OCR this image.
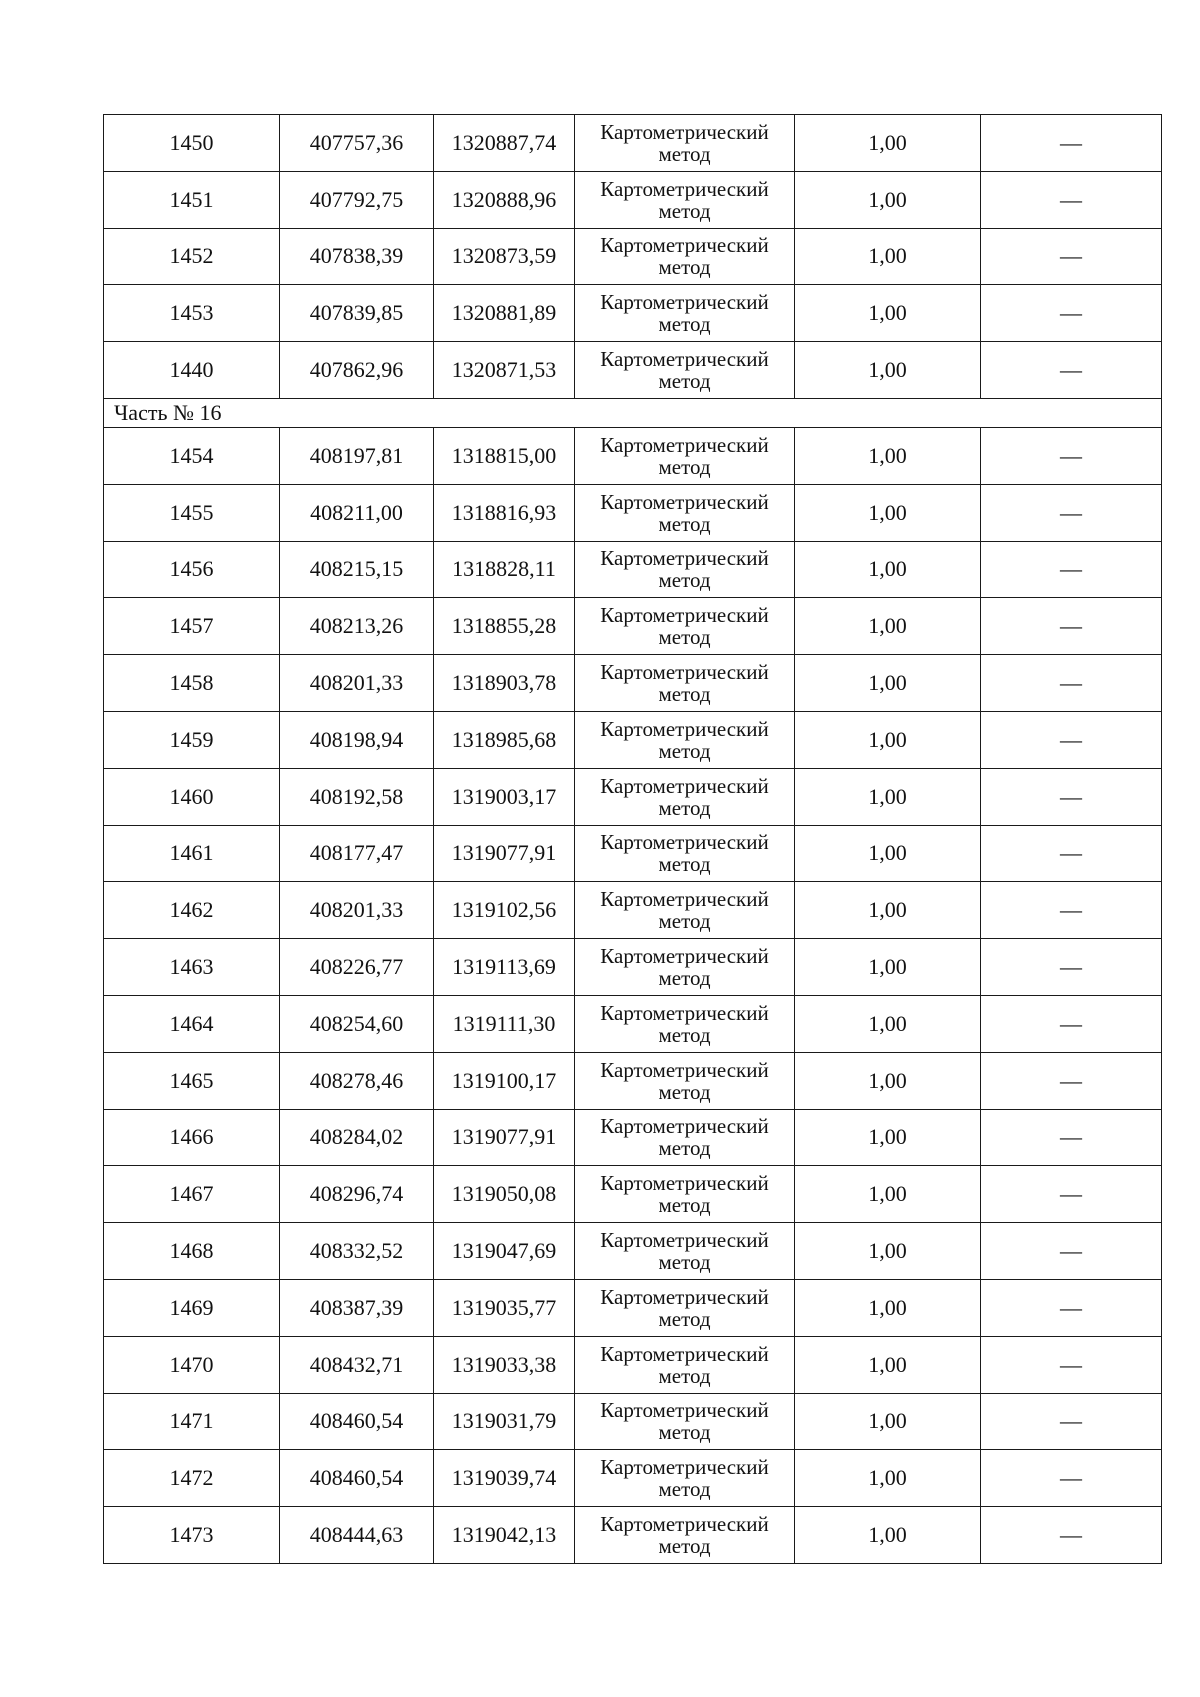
1450	407757,36	1320887,74	Картометрический
метод	1,00	—
1451	407792,75	1320888,96	Картометрический
метод	1,00	—
1452	407838,39	1320873,59	Картометрический
метод	1,00	—
1453	407839,85	1320881,89	Картометрический
метод	1,00	—
1440	407862,96	1320871,53	Картометрический
метод	1,00	—
Часть № 16					
1454	408197,81	1318815,00	Картометрический
метод	1,00	—
1455	408211,00	1318816,93	Картометрический
метод	1,00	—
1456	408215,15	1318828,11	Картометрический
метод	1,00	—
1457	408213,26	1318855,28	Картометрический
метод	1,00	—
1458	408201,33	1318903,78	Картометрический
метод	1,00	—
1459	408198,94	1318985,68	Картометрический
метод	1,00	—
1460	408192,58	1319003,17	Картометрический
метод	1,00	—
1461	408177,47	1319077,91	Картометрический
метод	1,00	—
1462	408201,33	1319102,56	Картометрический
метод	1,00	—
1463	408226,77	1319113,69	Картометрический
метод	1,00	—
1464	408254,60	1319111,30	Картометрический
метод	1,00	—
1465	408278,46	1319100,17	Картометрический
метод	1,00	—
1466	408284,02	1319077,91	Картометрический
метод	1,00	—
1467	408296,74	1319050,08	Картометрический
метод	1,00	—
1468	408332,52	1319047,69	Картометрический
метод	1,00	—
1469	408387,39	1319035,77	Картометрический
метод	1,00	—
1470	408432,71	1319033,38	Картометрический
метод	1,00	—
1471	408460,54	1319031,79	Картометрический
метод	1,00	—
1472	408460,54	1319039,74	Картометрический
метод	1,00	—
1473	408444,63	1319042,13	Картометрический
метод	1,00	—
